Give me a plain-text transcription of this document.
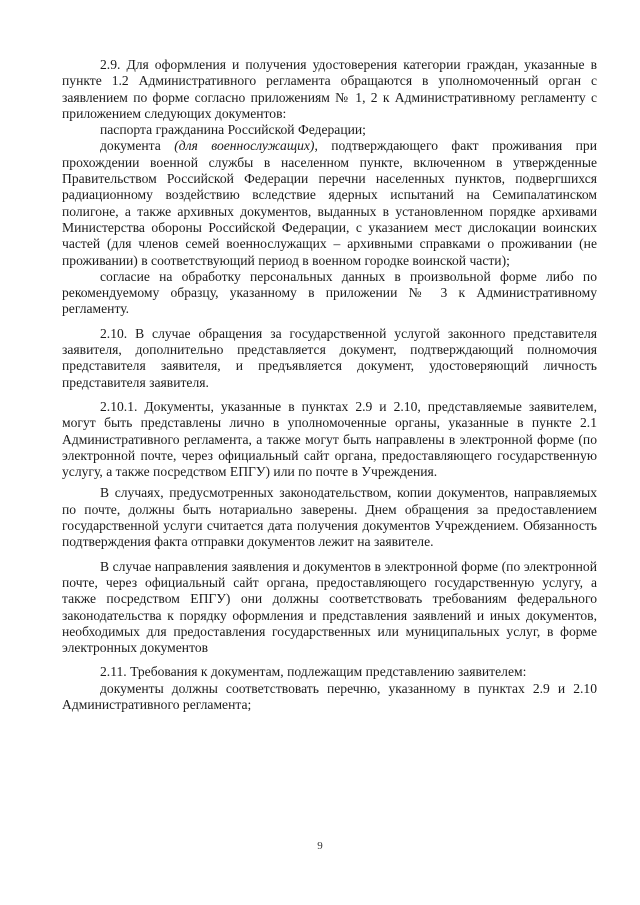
2.9. Для оформления и получения удостоверения категории граждан, указанные в пункте 1.2 Административного регламента обращаются в уполномоченный орган с заявлением по форме согласно приложениям № 1, 2 к Административному регламенту с приложением следующих документов:

паспорта гражданина Российской Федерации;

документа (для военнослужащих), подтверждающего факт проживания при прохождении военной службы в населенном пункте, включенном в утвержденные Правительством Российской Федерации перечни населенных пунктов, подвергшихся радиационному воздействию вследствие ядерных испытаний на Семипалатинском полигоне, а также архивных документов, выданных в установленном порядке архивами Министерства обороны Российской Федерации, с указанием мест дислокации воинских частей (для членов семей военнослужащих – архивными справками о проживании (не проживании) в соответствующий период в военном городке воинской части);

согласие на обработку персональных данных в произвольной форме либо по рекомендуемому образцу, указанному в приложении № 3 к Административному регламенту.

2.10. В случае обращения за государственной услугой законного представителя заявителя, дополнительно представляется документ, подтверждающий полномочия представителя заявителя, и предъявляется документ, удостоверяющий личность представителя заявителя.

2.10.1. Документы, указанные в пунктах 2.9 и 2.10, представляемые заявителем, могут быть представлены лично в уполномоченные органы, указанные в пункте 2.1 Административного регламента, а также могут быть направлены в электронной форме (по электронной почте, через официальный сайт органа, предоставляющего государственную услугу, а также посредством ЕПГУ) или по почте в Учреждения.

В случаях, предусмотренных законодательством, копии документов, направляемых по почте, должны быть нотариально заверены. Днем обращения за предоставлением государственной услуги считается дата получения документов Учреждением. Обязанность подтверждения факта отправки документов лежит на заявителе.

В случае направления заявления и документов в электронной форме (по электронной почте, через официальный сайт органа, предоставляющего государственную услугу, а также посредством ЕПГУ) они должны соответствовать требованиям федерального законодательства к порядку оформления и представления заявлений и иных документов, необходимых для предоставления государственных или муниципальных услуг, в форме электронных документов

2.11. Требования к документам, подлежащим представлению заявителем:

документы должны соответствовать перечню, указанному в пунктах 2.9 и 2.10 Административного регламента;

9
